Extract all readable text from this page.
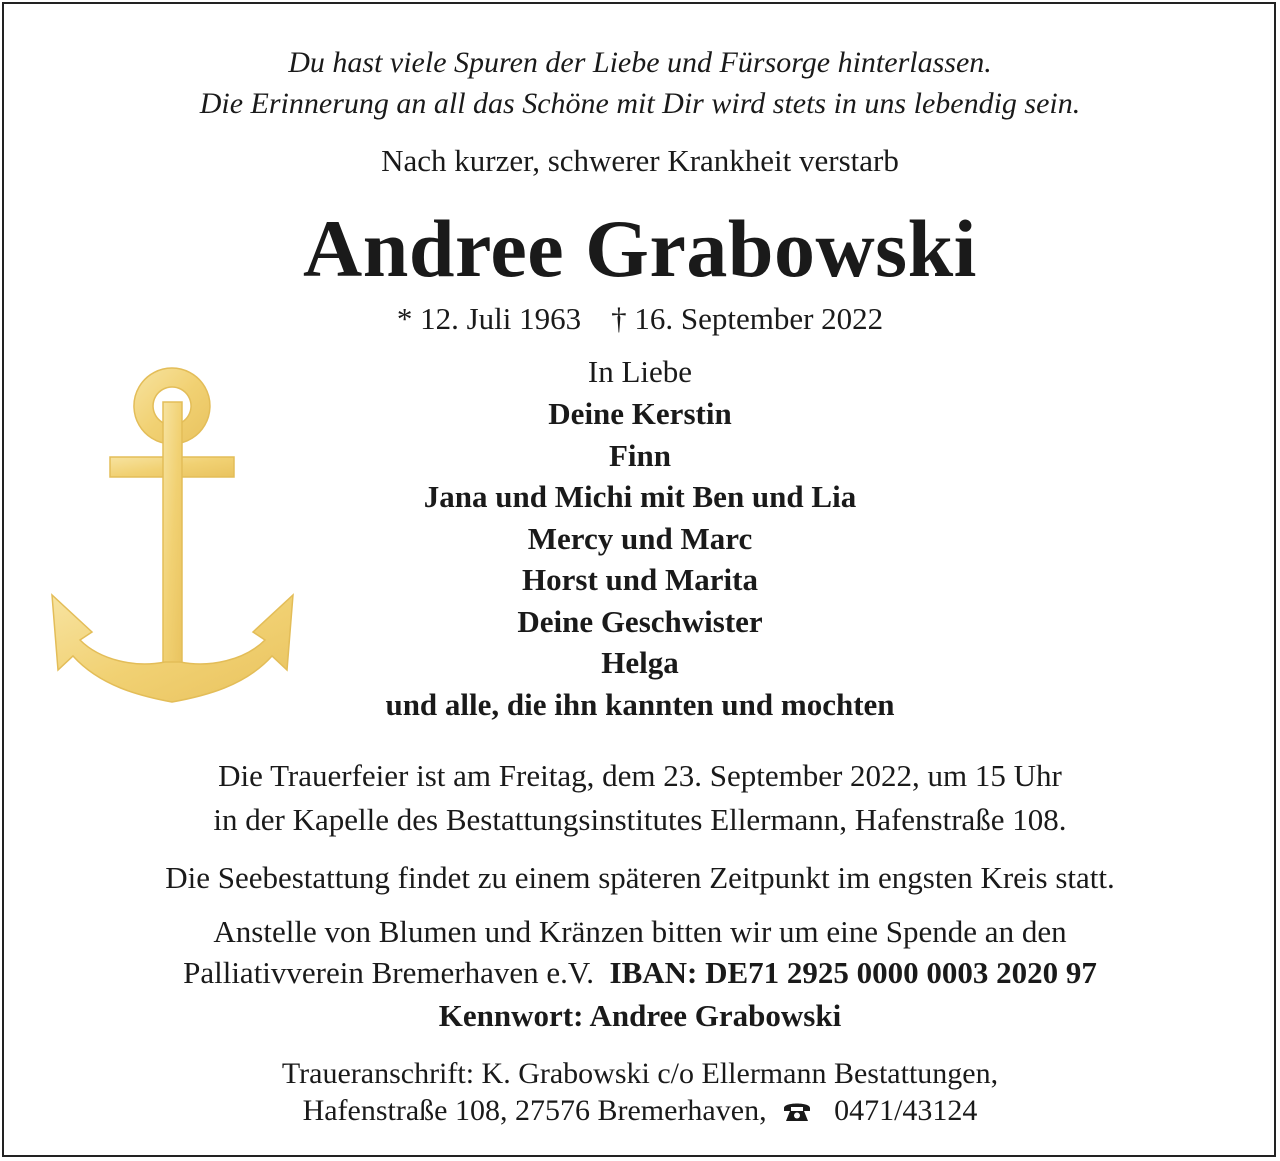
Du hast viele Spuren der Liebe und Fürsorge hinterlassen.
Die Erinnerung an all das Schöne mit Dir wird stets in uns lebendig sein.
Nach kurzer, schwerer Krankheit verstarb
Andree Grabowski
* 12. Juli 1963 † 16. September 2022
In Liebe
Deine Kerstin
Finn
Jana und Michi mit Ben und Lia
Mercy und Marc
Horst und Marita
Deine Geschwister
Helga
und alle, die ihn kannten und mochten
Die Trauerfeier ist am Freitag, dem 23. September 2022, um 15 Uhr
in der Kapelle des Bestattungsinstitutes Ellermann, Hafenstraße 108.
Die Seebestattung findet zu einem späteren Zeitpunkt im engsten Kreis statt.
Anstelle von Blumen und Kränzen bitten wir um eine Spende an den
Palliativverein Bremerhaven e.V. IBAN: DE71 2925 0000 0003 2020 97
Kennwort: Andree Grabowski
Traueranschrift: K. Grabowski c/o Ellermann Bestattungen,
Hafenstraße 108, 27576 Bremerhaven, 0471/43124
